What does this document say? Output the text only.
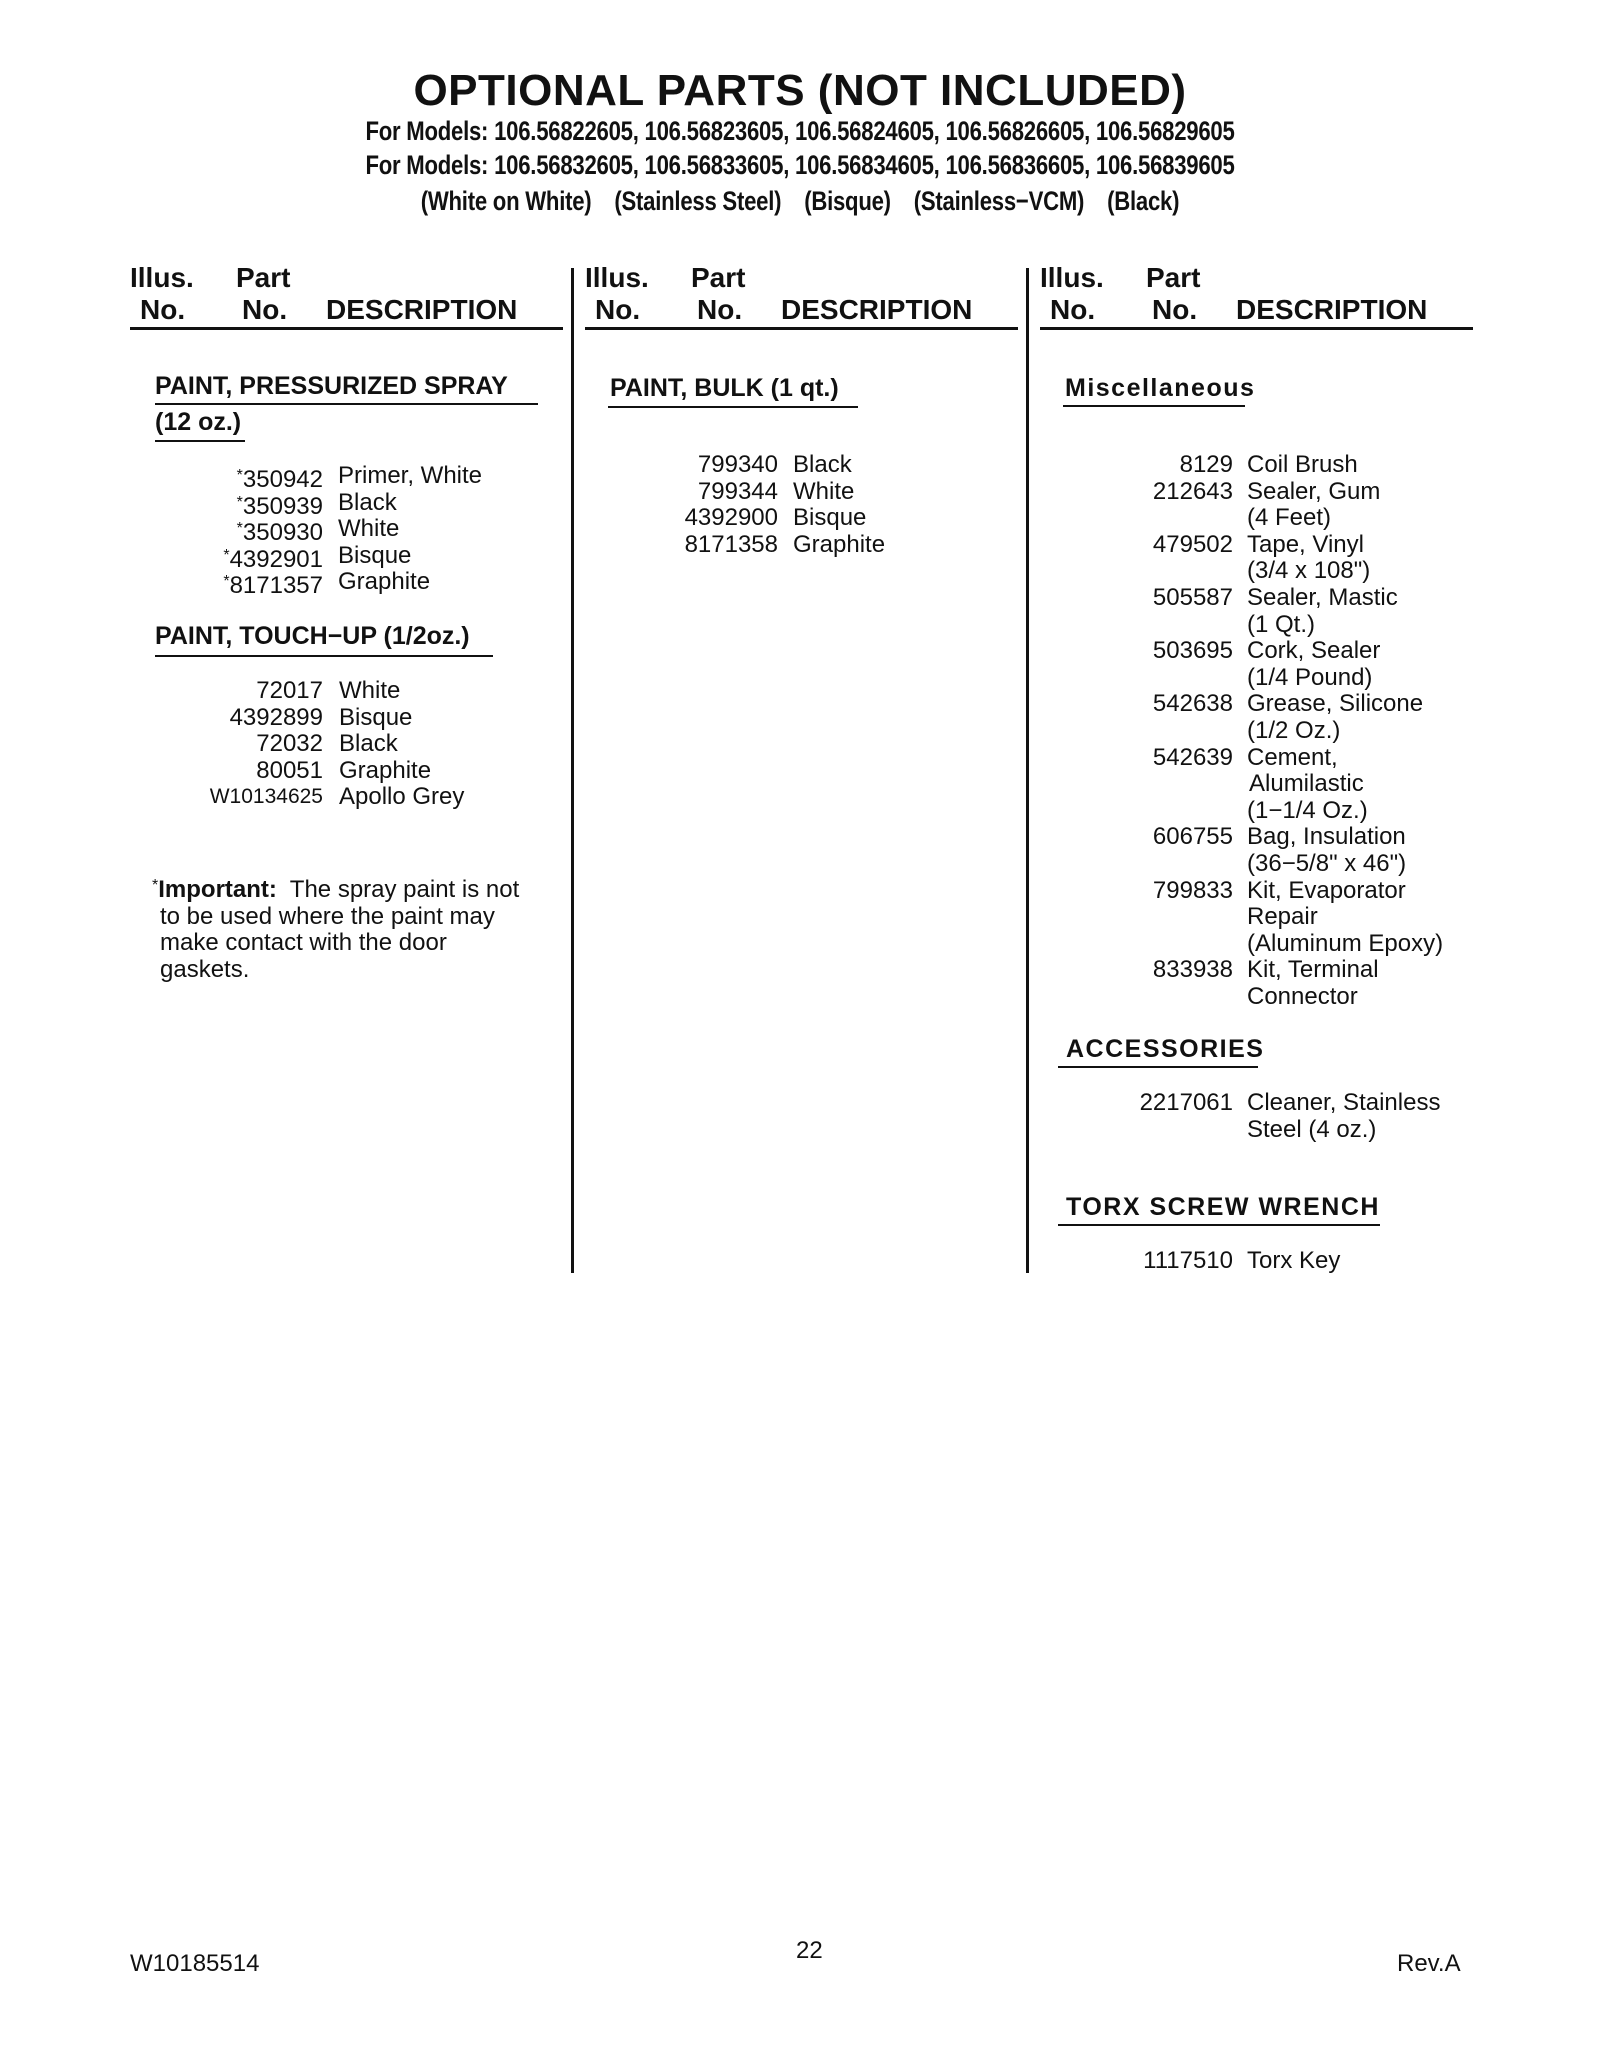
OPTIONAL PARTS (NOT INCLUDED)
For Models: 106.56822605, 106.56823605, 106.56824605, 106.56826605, 106.56829605
For Models: 106.56832605, 106.56833605, 106.56834605, 106.56836605, 106.56839605
(White on White) (Stainless Steel) (Bisque) (Stainless−VCM) (Black)
Illus. Part
No. No. DESCRIPTION
Illus. Part
No. No. DESCRIPTION
Illus. Part
No. No. DESCRIPTION
PAINT, PRESSURIZED SPRAY
(12 oz.)
*350942 Primer, White
*350939 Black
*350930 White
*4392901 Bisque
*8171357 Graphite
PAINT, TOUCH−UP (1/2oz.)
72017 White
4392899 Bisque
72032 Black
80051 Graphite
W10134625 Apollo Grey
*Important: The spray paint is not to be used where the paint may make contact with the door gaskets.
PAINT, BULK (1 qt.)
799340 Black
799344 White
4392900 Bisque
8171358 Graphite
Miscellaneous
8129 Coil Brush
212643 Sealer, Gum
(4 Feet)
479502 Tape, Vinyl
(3/4 x 108")
505587 Sealer, Mastic
(1 Qt.)
503695 Cork, Sealer
(1/4 Pound)
542638 Grease, Silicone
(1/2 Oz.)
542639 Cement,
Alumilastic
(1−1/4 Oz.)
606755 Bag, Insulation
(36−5/8" x 46")
799833 Kit, Evaporator
Repair
(Aluminum Epoxy)
833938 Kit, Terminal
Connector
ACCESSORIES
2217061 Cleaner, Stainless
Steel (4 oz.)
TORX SCREW WRENCH
1117510 Torx Key
W10185514	22	Rev.A
